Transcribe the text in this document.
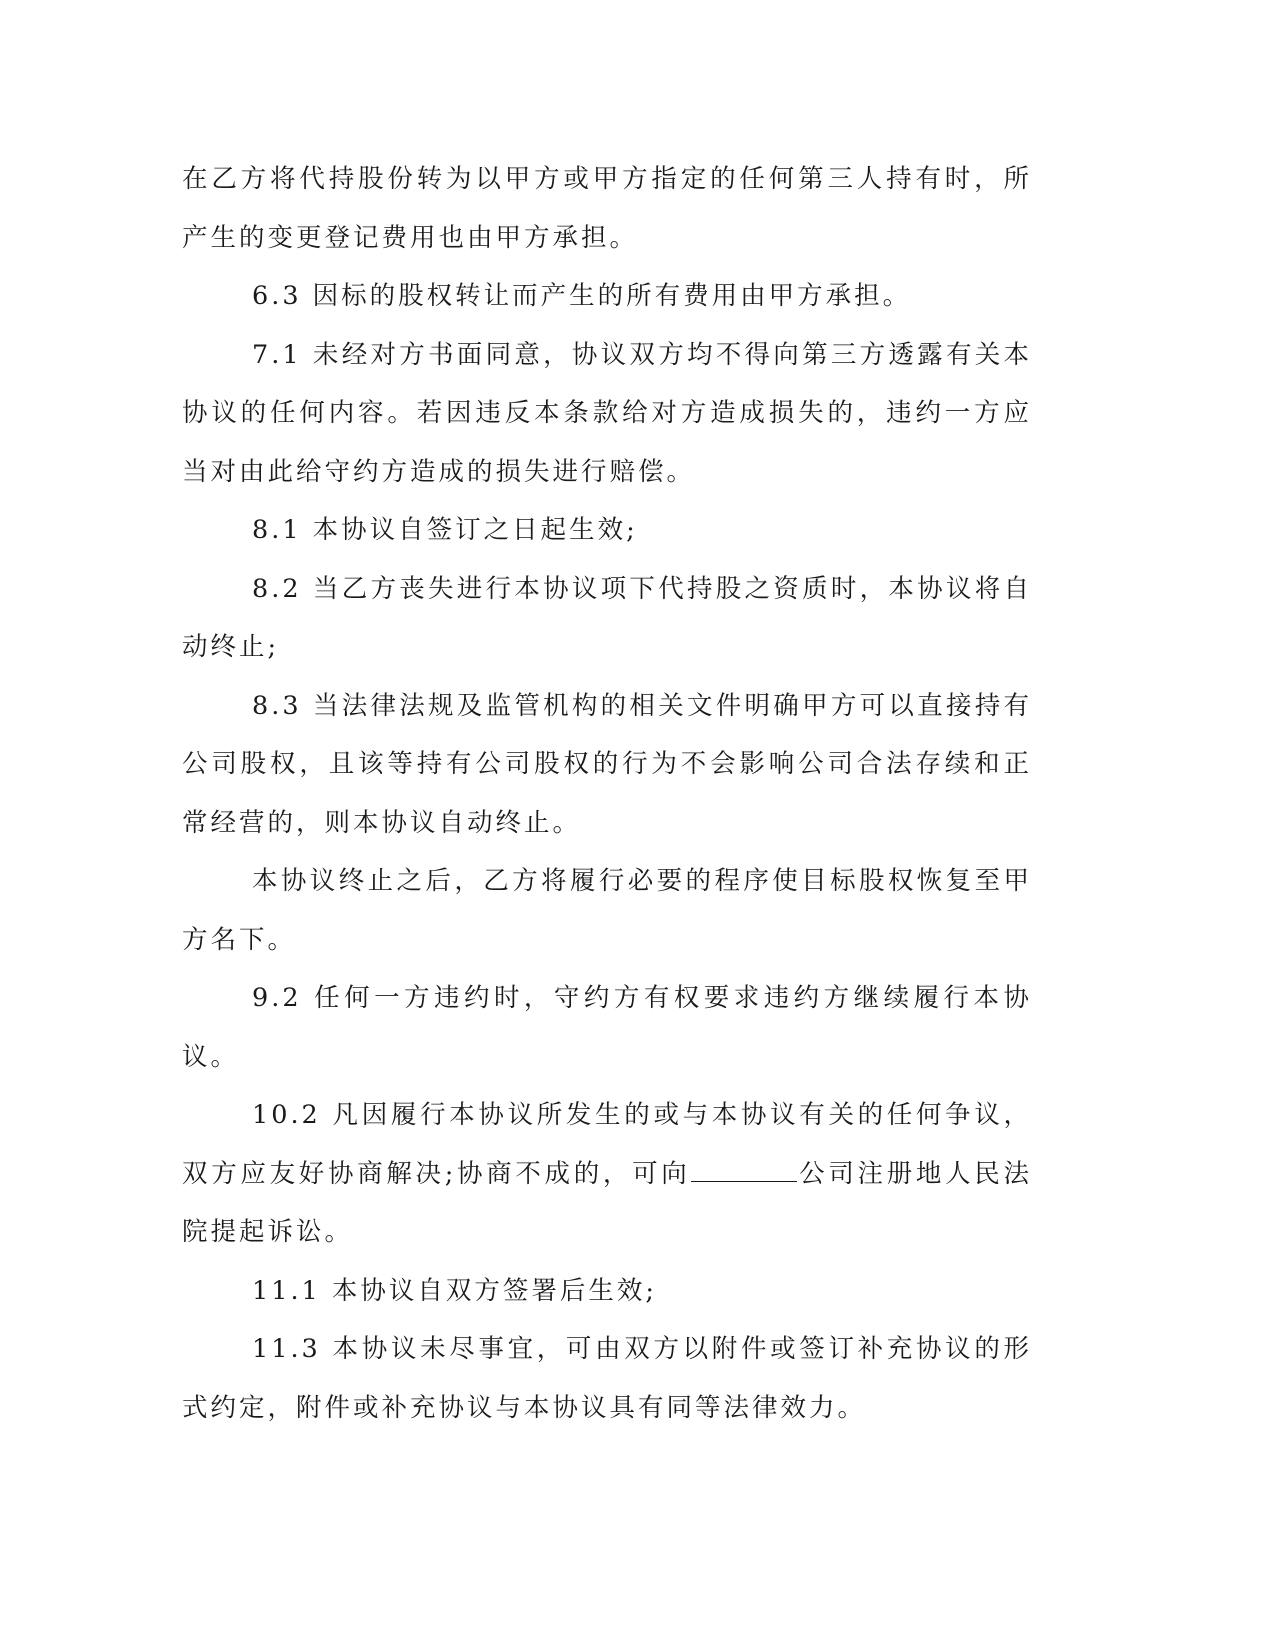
在乙方将代持股份转为以甲方或甲方指定的任何第三人持有时，所产生的变更登记费用也由甲方承担。

6.3 因标的股权转让而产生的所有费用由甲方承担。

7.1 未经对方书面同意，协议双方均不得向第三方透露有关本协议的任何内容。若因违反本条款给对方造成损失的，违约一方应当对由此给守约方造成的损失进行赔偿。

8.1 本协议自签订之日起生效;

8.2 当乙方丧失进行本协议项下代持股之资质时，本协议将自动终止;

8.3 当法律法规及监管机构的相关文件明确甲方可以直接持有公司股权，且该等持有公司股权的行为不会影响公司合法存续和正常经营的，则本协议自动终止。

本协议终止之后，乙方将履行必要的程序使目标股权恢复至甲方名下。

9.2 任何一方违约时，守约方有权要求违约方继续履行本协议。

10.2 凡因履行本协议所发生的或与本协议有关的任何争议，双方应友好协商解决;协商不成的，可向	公司注册地人民法院提起诉讼。

11.1 本协议自双方签署后生效;

11.3 本协议未尽事宜，可由双方以附件或签订补充协议的形式约定，附件或补充协议与本协议具有同等法律效力。
